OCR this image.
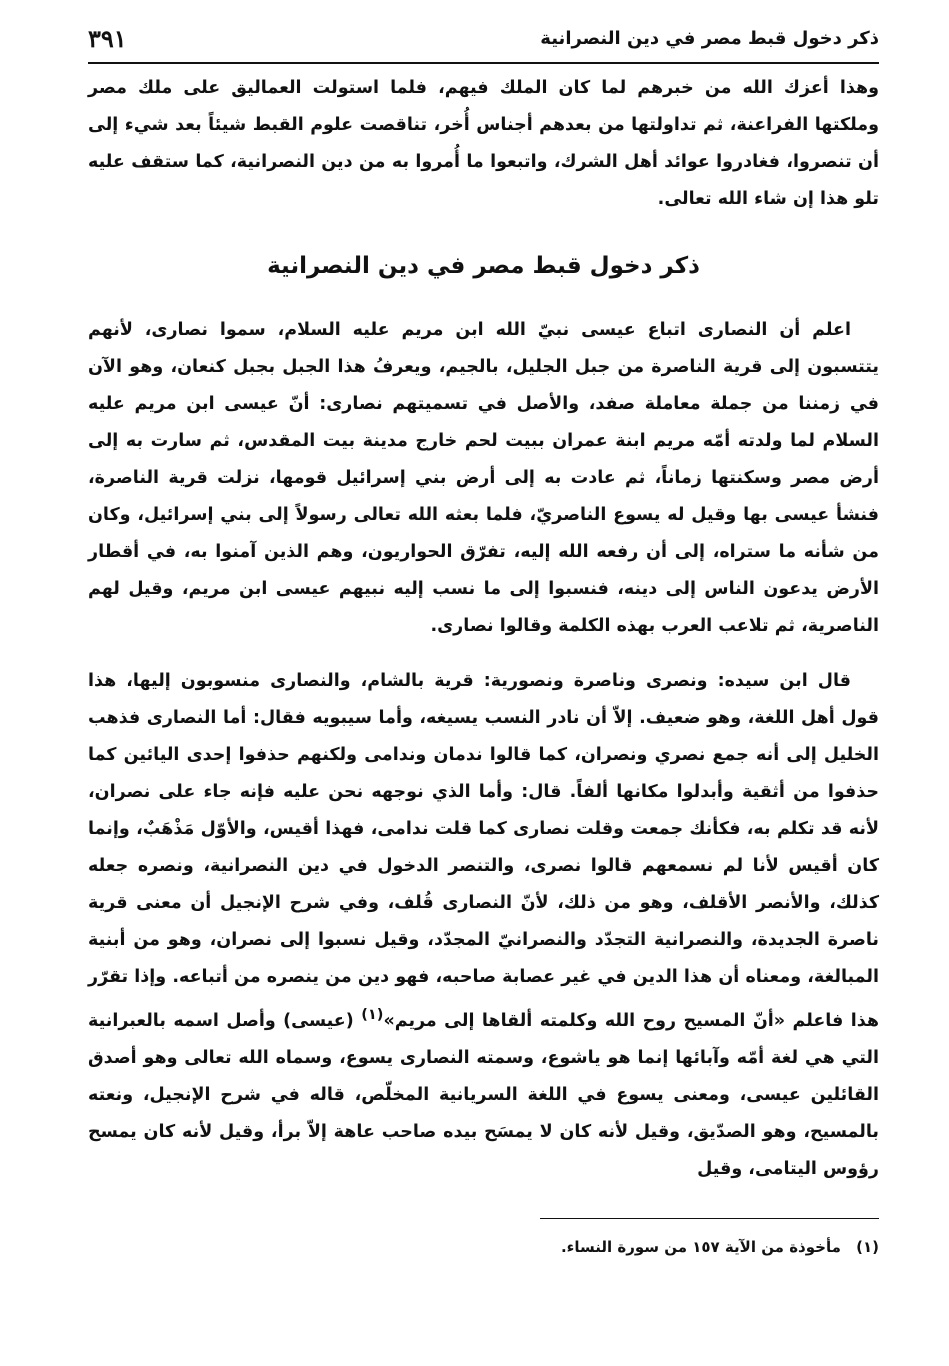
٣٩١	ذكر دخول قبط مصر في دين النصرانية

وهذا أعزك الله من خبرهم لما كان الملك فيهم، فلما استولت العماليق على ملك مصر وملكتها الفراعنة، ثم تداولتها من بعدهم أجناس أُخر، تناقصت علوم القبط شيئاً بعد شيء إلى أن تنصروا، فغادروا عوائد أهل الشرك، واتبعوا ما أُمروا به من دين النصرانية، كما ستقف عليه تلو هذا إن شاء الله تعالى.

ذكر دخول قبط مصر في دين النصرانية

اعلم أن النصارى اتباع عيسى نبيّ الله ابن مريم عليه السلام، سموا نصارى، لأنهم يتتسبون إلى قرية الناصرة من جبل الجليل، بالجيم، ويعرفُ هذا الجبل بجبل كنعان، وهو الآن في زمننا من جملة معاملة صفد، والأصل في تسميتهم نصارى: أنّ عيسى ابن مريم عليه السلام لما ولدته أمّه مريم ابنة عمران ببيت لحم خارج مدينة بيت المقدس، ثم سارت به إلى أرض مصر وسكنتها زماناً، ثم عادت به إلى أرض بني إسرائيل قومها، نزلت قرية الناصرة، فنشأ عيسى بها وقيل له يسوع الناصريّ، فلما بعثه الله تعالى رسولاً إلى بني إسرائيل، وكان من شأنه ما ستراه، إلى أن رفعه الله إليه، تفرّق الحواريون، وهم الذين آمنوا به، في أقطار الأرض يدعون الناس إلى دينه، فنسبوا إلى ما نسب إليه نبيهم عيسى ابن مريم، وقيل لهم الناصرية، ثم تلاعب العرب بهذه الكلمة وقالوا نصارى.

قال ابن سيده: ونصرى وناصرة ونصورية: قرية بالشام، والنصارى منسوبون إليها، هذا قول أهل اللغة، وهو ضعيف. إلاّ أن نادر النسب يسيغه، وأما سيبويه فقال: أما النصارى فذهب الخليل إلى أنه جمع نصري ونصران، كما قالوا ندمان وندامى ولكنهم حذفوا إحدى اليائين كما حذفوا من أثقية وأبدلوا مكانها ألفاً. قال: وأما الذي نوجهه نحن عليه فإنه جاء على نصران، لأنه قد تكلم به، فكأنك جمعت وقلت نصارى كما قلت ندامى، فهذا أقيس، والأوّل مَذْهَبٌ، وإنما كان أقيس لأنا لم نسمعهم قالوا نصرى، والتنصر الدخول في دين النصرانية، ونصره جعله كذلك، والأنصر الأقلف، وهو من ذلك، لأنّ النصارى قُلف، وفي شرح الإنجيل أن معنى قرية ناصرة الجديدة، والنصرانية التجدّد والنصرانيّ المجدّد، وقيل نسبوا إلى نصران، وهو من أبنية المبالغة، ومعناه أن هذا الدين في غير عصابة صاحبه، فهو دين من ينصره من أتباعه. وإذا تقرّر هذا فاعلم «أنّ المسيح روح الله وكلمته ألقاها إلى مريم»$^{(١)}$ (عيسى) وأصل اسمه بالعبرانية التي هي لغة أمّه وآبائها إنما هو ياشوع، وسمته النصارى يسوع، وسماه الله تعالى وهو أصدق القائلين عيسى، ومعنى يسوع في اللغة السريانية المخلّص، قاله في شرح الإنجيل، ونعته بالمسيح، وهو الصدّيق، وقيل لأنه كان لا يمسَح بيده صاحب عاهة إلاّ برأ، وقيل لأنه كان يمسح رؤوس اليتامى، وقيل

(١) مأخوذة من الآية ١٥٧ من سورة النساء.
